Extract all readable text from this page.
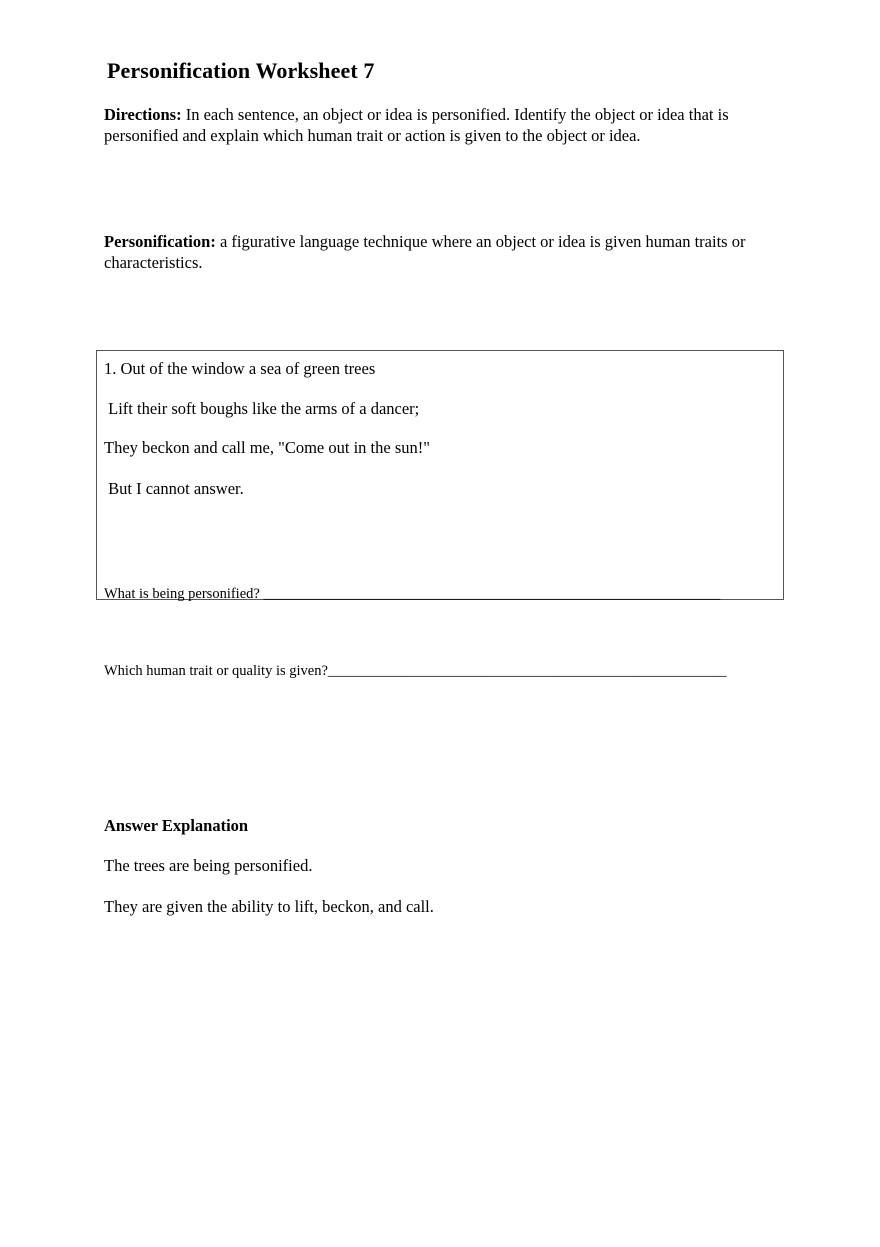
Personification Worksheet 7
Directions: In each sentence, an object or idea is personified. Identify the object or idea that is personified and explain which human trait or action is given to the object or idea.
Personification: a figurative language technique where an object or idea is given human traits or characteristics.
1. Out of the window a sea of green trees
Lift their soft boughs like the arms of a dancer;
They beckon and call me, "Come out in the sun!"
But I cannot answer.
What is being personified? _______________________________________________________________
Which human trait or quality is given?_______________________________________________________
Answer Explanation
The trees are being personified.
They are given the ability to lift, beckon, and call.
